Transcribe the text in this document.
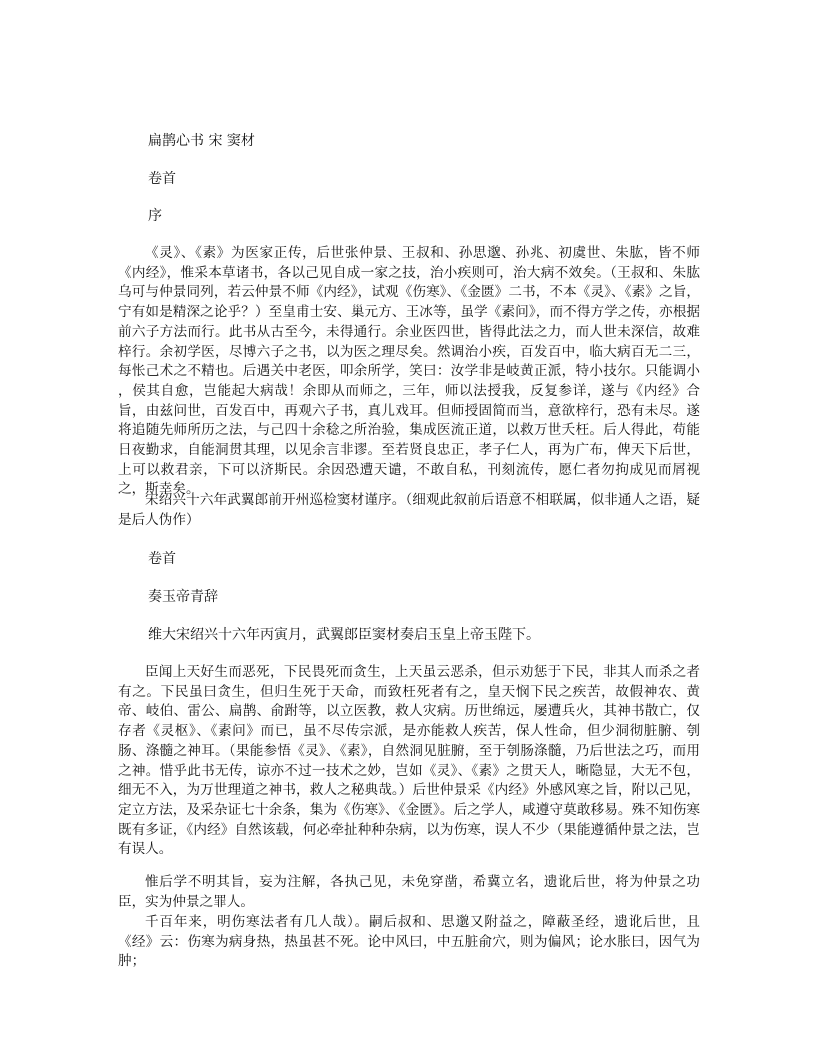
扁鹊心书 宋 窦材
卷首
序

《灵》、《素》为医家正传，后世张仲景、王叔和、孙思邈、孙兆、初虞世、朱肱，皆不师《内经》，惟采本草诸书，各以己见自成一家之技，治小疾则可，治大病不效矣。（王叔和、朱肱乌可与仲景同列，若云仲景不师《内经》，试观《伤寒》、《金匮》二书，不本《灵》、《素》之旨，宁有如是精深之论乎？）至皇甫士安、巢元方、王冰等，虽学《素问》，而不得方学之传，亦根据前六子方法而行。此书从古至今，未得通行。余业医四世，皆得此法之力，而人世未深信，故难梓行。余初学医，尽博六子之书，以为医之理尽矣。然调治小疾，百发百中，临大病百无二三，每怅己术之不精也。后遇关中老医，叩余所学，笑曰：汝学非是岐黄正派，特小技尔。只能调小 ，侯其自愈，岂能起大病哉！余即从而师之，三年，师以法授我，反复参详，遂与《内经》合旨，由兹问世，百发百中，再观六子书，真儿戏耳。但师授固简而当，意欲梓行，恐有未尽。遂将追随先师所历之法，与己四十余稔之所治验，集成医流正道，以救万世夭枉。后人得此，苟能日夜勤求，自能洞贯其理，以见余言非谬。至若贤良忠正，孝子仁人，再为广布，俾天下后世，上可以救君亲，下可以济斯民。余因恐遭天谴，不敢自私，刊刻流传，愿仁者勿拘成见而屑视之，斯幸矣。

宋绍兴十六年武翼郎前开州巡检窦材谨序。（细观此叙前后语意不相联属，似非通人之语，疑是后人伪作）

卷首
奏玉帝青辞
维大宋绍兴十六年丙寅月，武翼郎臣窦材奏启玉皇上帝玉陛下。

臣闻上天好生而恶死，下民畏死而贪生，上天虽云恶杀，但示劝惩于下民，非其人而杀之者有之。下民虽曰贪生，但归生死于天命，而致枉死者有之，皇天悯下民之疾苦，故假神农、黄帝、岐伯、雷公、扁鹊、俞跗等，以立医教，救人灾病。历世绵远，屡遭兵火，其神书散亡，仅存者《灵枢》、《素问》而已，虽不尽传宗派，是亦能救人疾苦，保人性命，但少洞彻脏腑、刳肠、涤髓之神耳。（果能参悟《灵》、《素》，自然洞见脏腑，至于刳肠涤髓，乃后世法之巧，而用之神。惜乎此书无传，谅亦不过一技术之妙，岂如《灵》、《素》之贯天人，晰隐显，大无不包，细无不入，为万世理道之神书，救人之秘典哉。）后世仲景采《内经》外感风寒之旨，附以己见，定立方法，及采杂证七十余条，集为《伤寒》、《金匮》。后之学人，咸遵守莫敢移易。殊不知伤寒既有多证，《内经》自然该载，何必牵扯种种杂病，以为伤寒，误人不少（果能遵循仲景之法，岂有误人。

惟后学不明其旨，妄为注解，各执己见，未免穿凿，希冀立名，遗讹后世，将为仲景之功臣，实为仲景之罪人。

千百年来，明伤寒法者有几人哉）。嗣后叔和、思邈又附益之，障蔽圣经，遗讹后世，且《经》云：伤寒为病身热，热虽甚不死。论中风曰，中五脏俞穴，则为偏风；论水胀曰，因气为肿；
